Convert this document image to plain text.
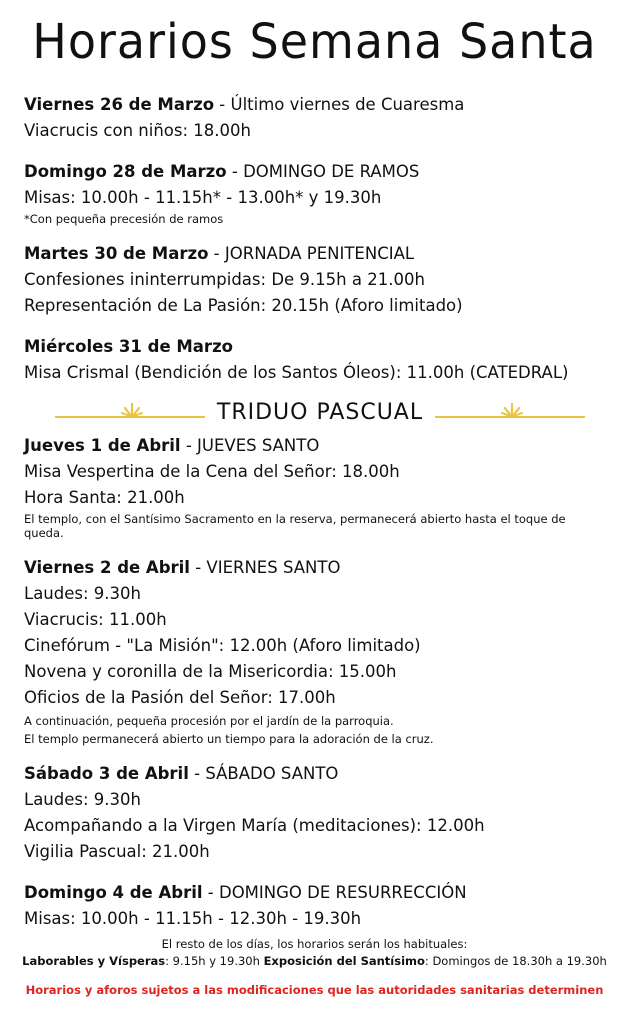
Horarios Semana Santa
Viernes 26 de Marzo - Último viernes de Cuaresma
Viacrucis con niños: 18.00h
Domingo 28 de Marzo - DOMINGO DE RAMOS
Misas: 10.00h - 11.15h* - 13.00h* y 19.30h
*Con pequeña precesión de ramos
Martes 30 de Marzo - JORNADA PENITENCIAL
Confesiones ininterrumpidas: De 9.15h a 21.00h
Representación de La Pasión: 20.15h (Aforo limitado)
Miércoles 31 de Marzo
Misa Crismal (Bendición de los Santos Óleos): 11.00h (CATEDRAL)
TRIDUO PASCUAL
Jueves 1 de Abril - JUEVES SANTO
Misa Vespertina de la Cena del Señor: 18.00h
Hora Santa: 21.00h
El templo, con el Santísimo Sacramento en la reserva, permanecerá abierto hasta el toque de queda.
Viernes 2 de Abril - VIERNES SANTO
Laudes: 9.30h
Viacrucis: 11.00h
Cinefórum - "La Misión": 12.00h (Aforo limitado)
Novena y coronilla de la Misericordia: 15.00h
Oficios de la Pasión del Señor: 17.00h
A continuación, pequeña procesión por el jardín de la parroquia.
El templo permanecerá abierto un tiempo para la adoración de la cruz.
Sábado 3 de Abril - SÁBADO SANTO
Laudes: 9.30h
Acompañando a la Virgen María (meditaciones): 12.00h
Vigilia Pascual: 21.00h
Domingo 4 de Abril - DOMINGO DE RESURRECCIÓN
Misas: 10.00h - 11.15h - 12.30h - 19.30h
El resto de los días, los horarios serán los habituales:
Laborables y Vísperas: 9.15h y 19.30h Exposición del Santísimo: Domingos de 18.30h a 19.30h
Horarios y aforos sujetos a las modificaciones que las autoridades sanitarias determinen
